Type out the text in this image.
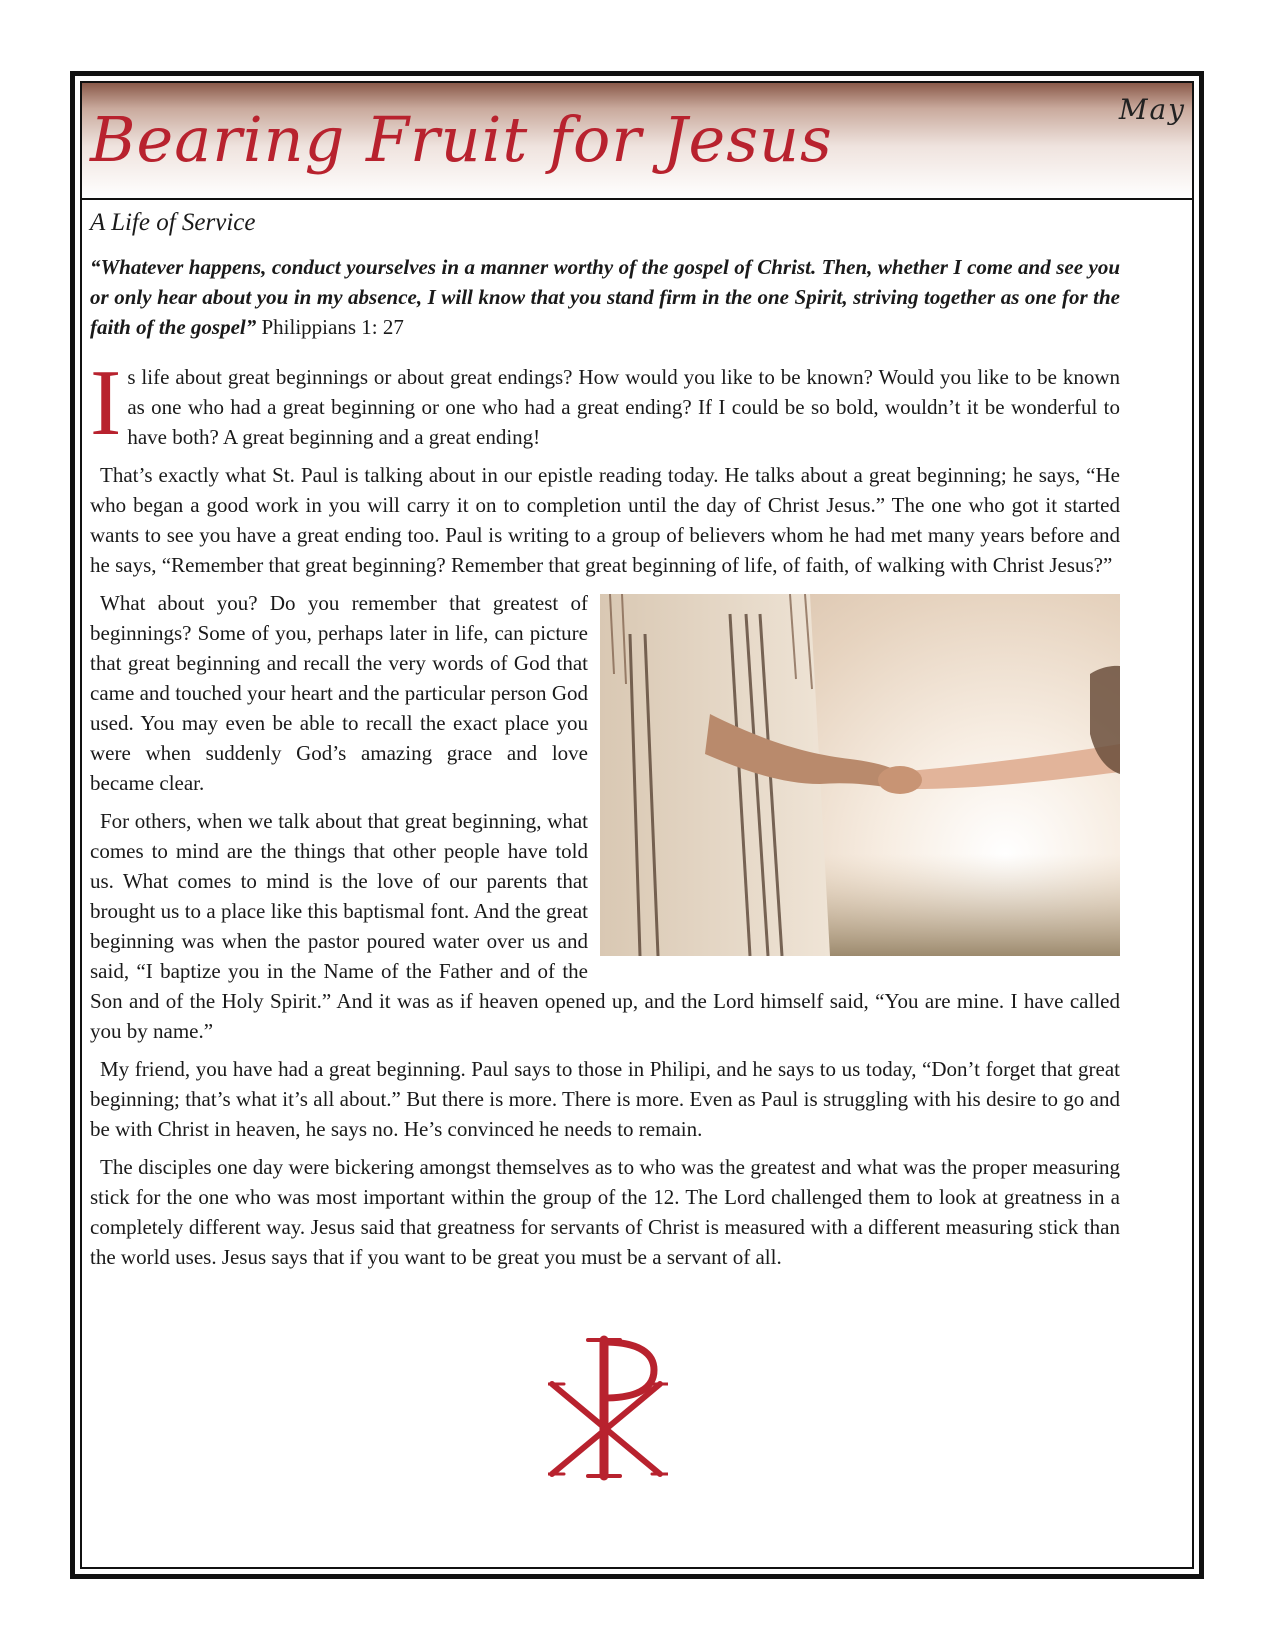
Bearing Fruit for Jesus	May
A Life of Service

“Whatever happens, conduct yourselves in a manner worthy of the gospel of Christ. Then, whether I come and see you or only hear about you in my absence, I will know that you stand firm in the one Spirit, striving together as one for the faith of the gospel” Philippians 1: 27

Is life about great beginnings or about great endings? How would you like to be known? Would you like to be known as one who had a great beginning or one who had a great ending? If I could be so bold, wouldn’t it be wonderful to have both? A great beginning and a great ending!

That’s exactly what St. Paul is talking about in our epistle reading today. He talks about a great beginning; he says, “He who began a good work in you will carry it on to completion until the day of Christ Jesus.” The one who got it started wants to see you have a great ending too. Paul is writing to a group of believers whom he had met many years before and he says, “Remember that great beginning? Remember that great beginning of life, of faith, of walking with Christ Jesus?”

What about you? Do you remember that greatest of beginnings? Some of you, perhaps later in life, can picture that great beginning and recall the very words of God that came and touched your heart and the particular person God used. You may even be able to recall the exact place you were when suddenly God’s amazing grace and love became clear.

For others, when we talk about that great beginning, what comes to mind are the things that other people have told us. What comes to mind is the love of our parents that brought us to a place like this baptismal font. And the great beginning was when the pastor poured water over us and said, “I baptize you in the Name of the Father and of the Son and of the Holy Spirit.” And it was as if heaven opened up, and the Lord himself said, “You are mine. I have called you by name.”

My friend, you have had a great beginning. Paul says to those in Philipi, and he says to us today, “Don’t forget that great beginning; that’s what it’s all about.” But there is more. There is more. Even as Paul is struggling with his desire to go and be with Christ in heaven, he says no. He’s convinced he needs to remain.

The disciples one day were bickering amongst themselves as to who was the greatest and what was the proper measuring stick for the one who was most important within the group of the 12. The Lord challenged them to look at greatness in a completely different way. Jesus said that greatness for servants of Christ is measured with a different measuring stick than the world uses. Jesus says that if you want to be great you must be a servant of all.
